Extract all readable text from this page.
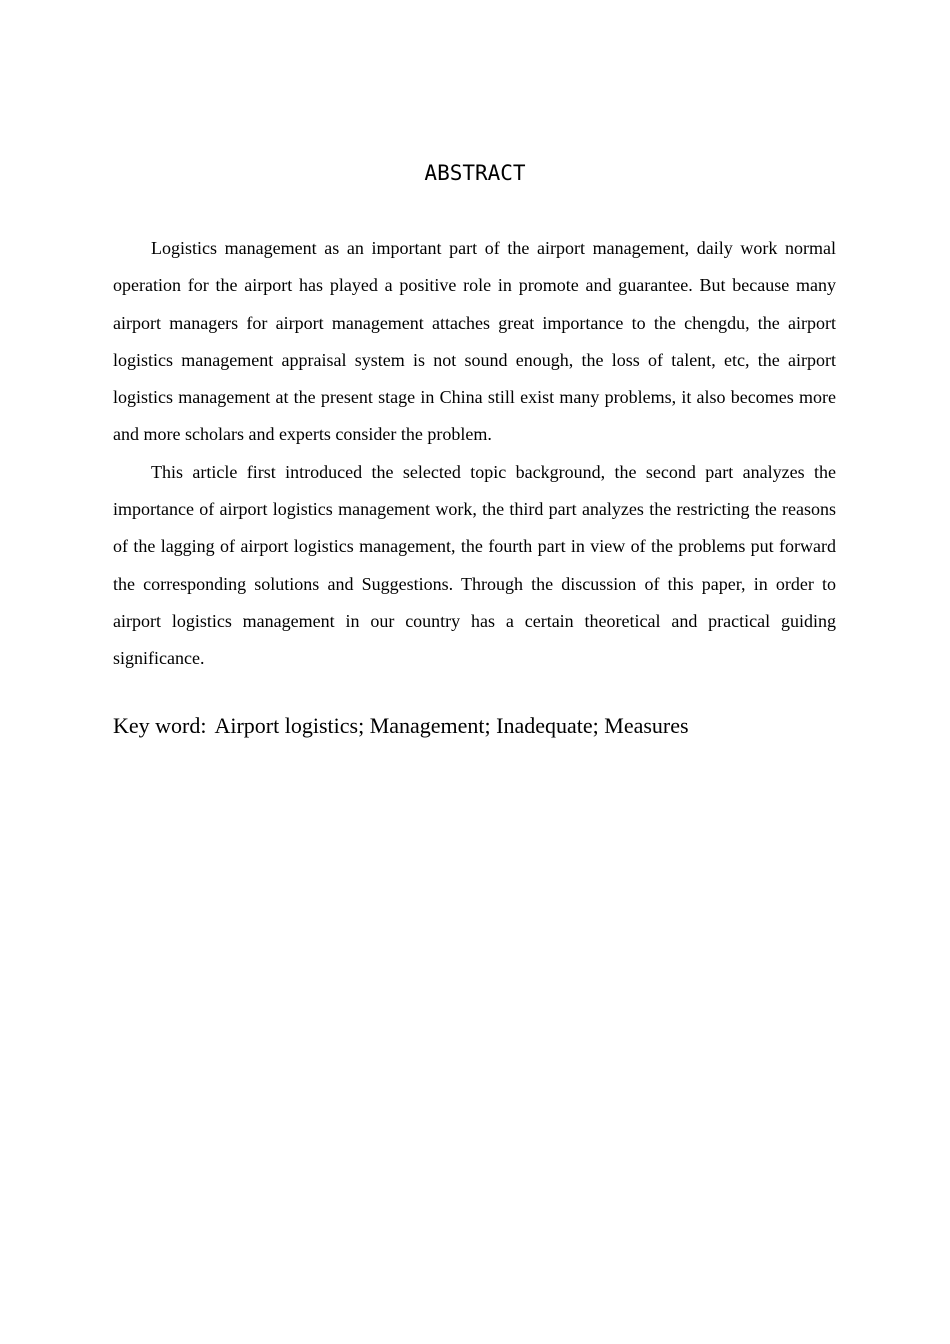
ABSTRACT

Logistics management as an important part of the airport management, daily work normal operation for the airport has played a positive role in promote and guarantee. But because many airport managers for airport management attaches great importance to the chengdu, the airport logistics management appraisal system is not sound enough, the loss of talent, etc, the airport logistics management at the present stage in China still exist many problems, it also becomes more and more scholars and experts consider the problem.

This article first introduced the selected topic background, the second part analyzes the importance of airport logistics management work, the third part analyzes the restricting the reasons of the lagging of airport logistics management, the fourth part in view of the problems put forward the corresponding solutions and Suggestions. Through the discussion of this paper, in order to airport logistics management in our country has a certain theoretical and practical guiding significance.

Key word: Airport logistics; Management; Inadequate; Measures
